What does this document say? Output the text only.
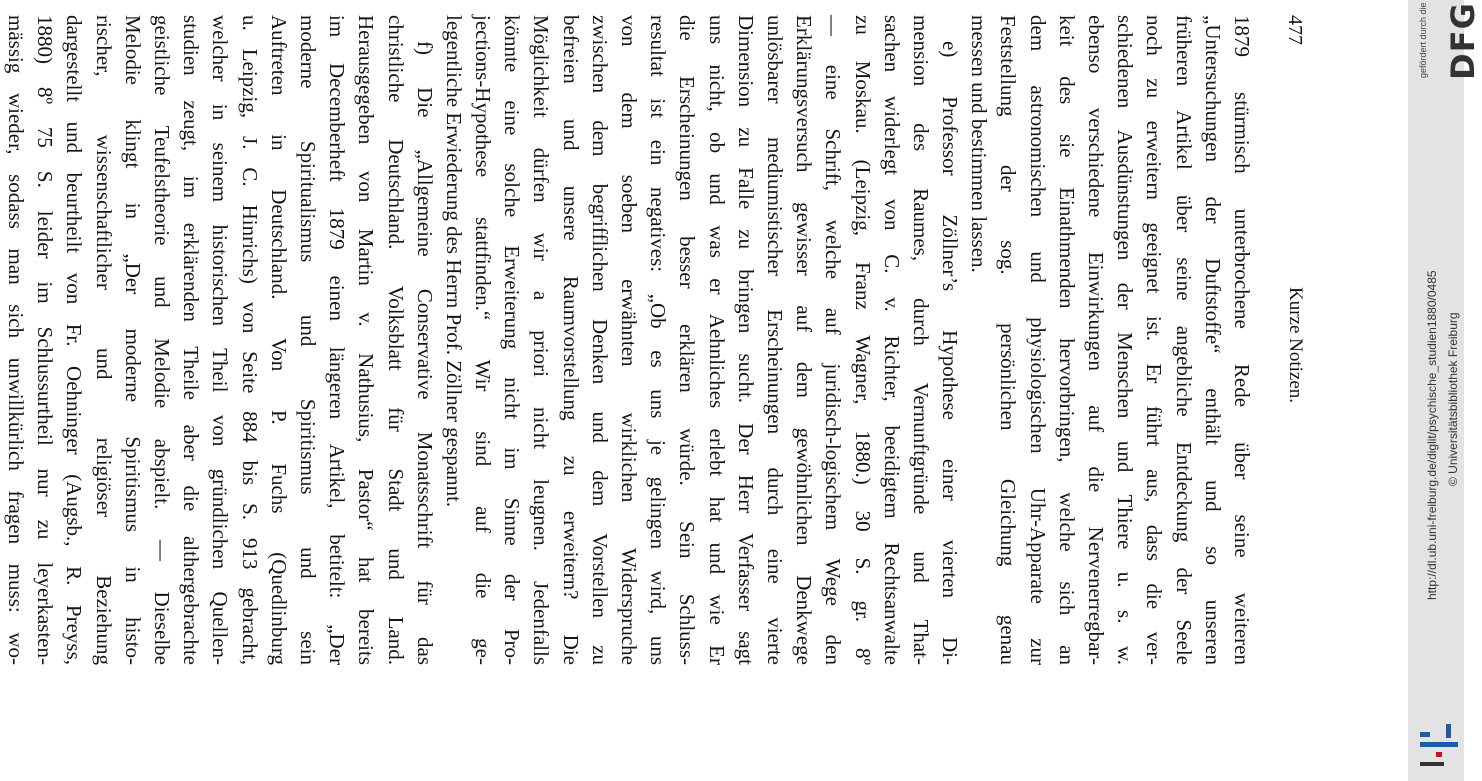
477
Kurze Notizen.
1879 stürmisch unterbrochene Rede über seine weiteren
„Untersuchungen der Duftstoffe“ enthält und so unseren
früheren Artikel über seine angebliche Entdeckung der Seele
noch zu erweitern geeignet ist. Er führt aus, dass die ver-
schiedenen Ausdünstungen der Menschen und Thiere u. s. w.
ebenso verschiedene Einwirkungen auf die Nervenerregbar-
keit des sie Einathmenden hervorbringen, welche sich an
dem astronomischen und physiologischen Uhr-Apparate zur
Feststellung der sog. persönlichen Gleichung genau
messen und bestimmen lassen.
e) Professor Zöllner’s Hypothese einer vierten Di-
mension des Raumes, durch Vernunftgründe und That-
sachen widerlegt von C. v. Richter, beeidigtem Rechtsanwalte
zu Moskau. (Leipzig, Franz Wagner, 1880.) 30 S. gr. 8º
— eine Schrift, welche auf juridisch-logischem Wege den
Erklärungsversuch gewisser auf dem gewöhnlichen Denkwege
unlösbarer mediumistischer Erscheinungen durch eine vierte
Dimension zu Falle zu bringen sucht. Der Herr Verfasser sagt
uns nicht, ob und was er Aehnliches erlebt hat und wie Er
die Erscheinungen besser erklären würde. Sein Schluss-
resultat ist ein negatives: „Ob es uns je gelingen wird, uns
von dem soeben erwähnten wirklichen Widerspruche
zwischen dem begrifflichen Denken und dem Vorstellen zu
befreien und unsere Raumvorstellung zu erweitern? Die
Möglichkeit dürfen wir a priori nicht leugnen. Jedenfalls
könnte eine solche Erweiterung nicht im Sinne der Pro-
jections-Hypothese stattfinden.“ Wir sind auf die ge-
legentliche Erwiederung des Herrn Prof. Zöllner gespannt.
f) Die „Allgemeine Conservative Monatsschrift für das
christliche Deutschland. Volksblatt für Stadt und Land.
Herausgegeben von Martin v. Nathusius, Pastor“ hat bereits
im Decemberheft 1879 einen längeren Artikel, betitelt: „Der
moderne Spiritualismus und Spiritismus und sein
Auftreten in Deutschland. Von P. Fuchs (Quedlinburg
u. Leipzig, J. C. Hinrichs) von Seite 884 bis S. 913 gebracht,
welcher in seinem historischen Theil von gründlichen Quellen-
studien zeugt, im erklärenden Theile aber die althergebrachte
geistliche Teufelstheorie und Melodie abspielt. — Dieselbe
Melodie klingt in „Der moderne Spiritismus in histo-
rischer, wissenschaftlicher und religiöser Beziehung
dargestellt und beurtheilt von Fr. Oehninger (Augsb., R. Preyss,
1880) 8º 75 S. leider im Schlussurtheil nur zu leyerkasten-
mässig wieder, sodass man sich unwillkürlich fragen muss: wo-	gefördert durch die DFG
http://dl.ub.uni-freiburg.de/diglit/psychische_studien1880/0485 © Universitätsbibliothek Freiburg
